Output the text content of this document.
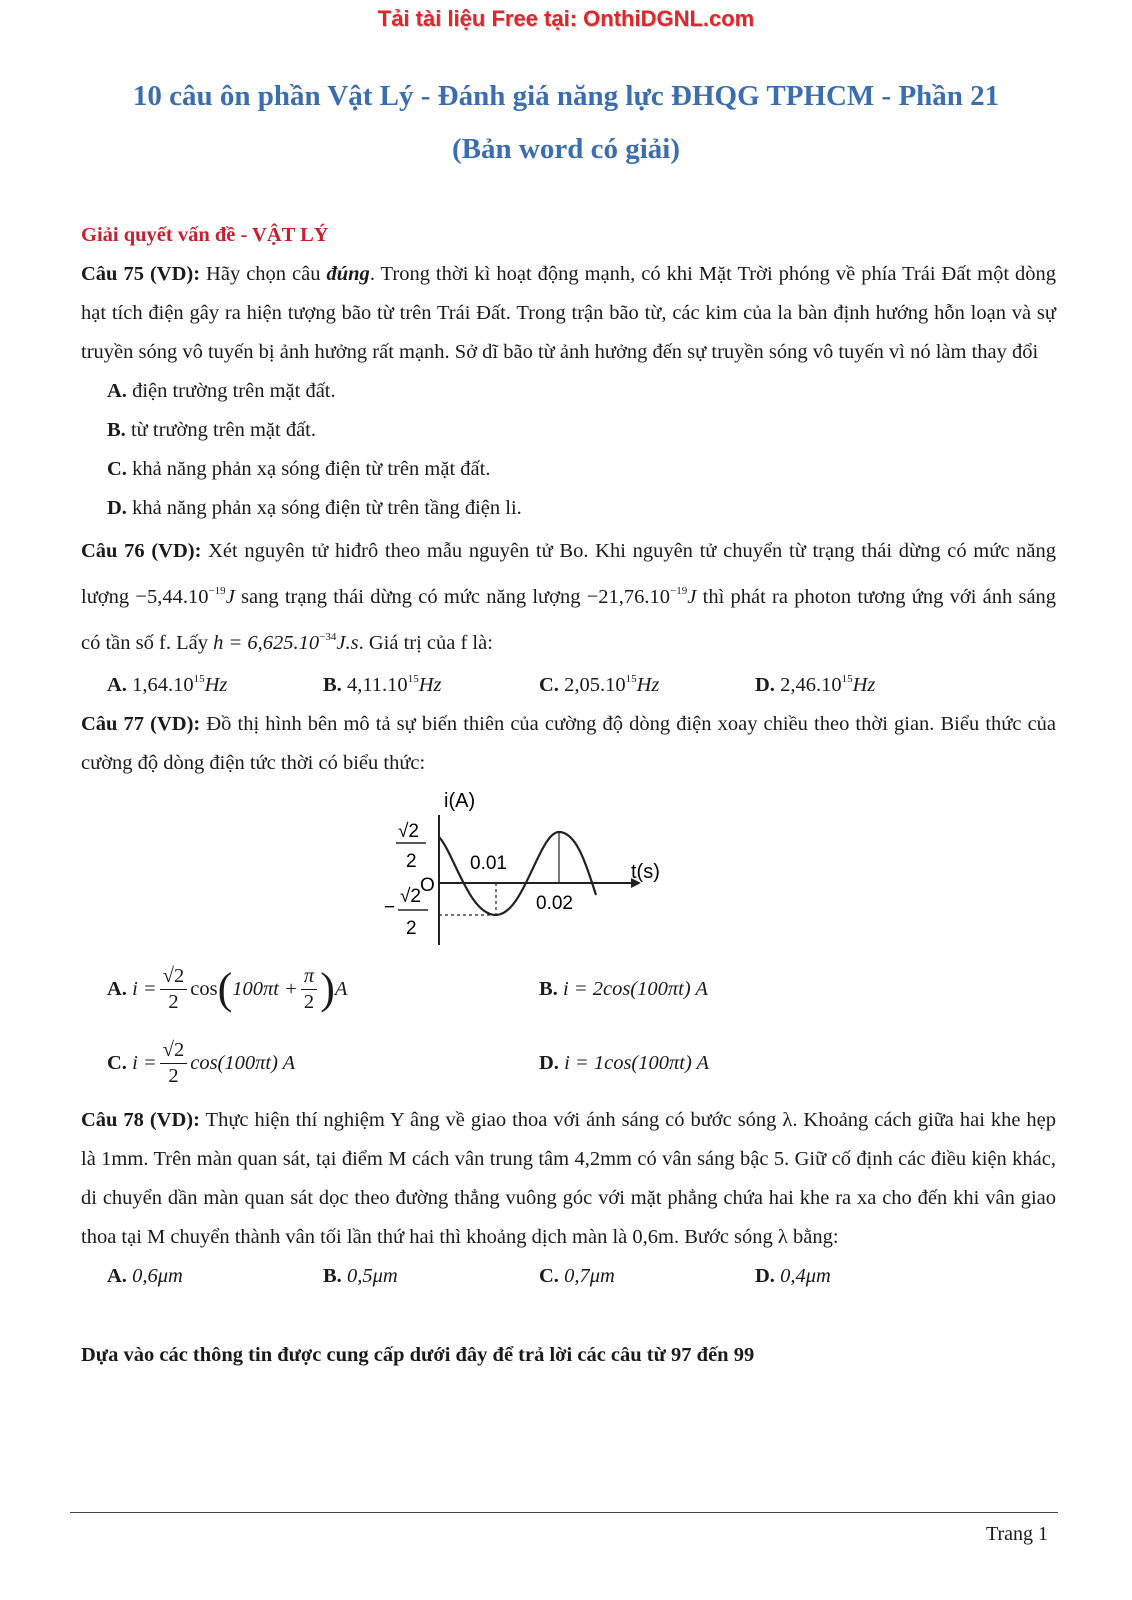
Tải tài liệu Free tại: OnthiDGNL.com
10 câu ôn phần Vật Lý - Đánh giá năng lực ĐHQG TPHCM - Phần 21
(Bản word có giải)

Giải quyết vấn đề - VẬT LÝ

Câu 75 (VD): Hãy chọn câu đúng. Trong thời kì hoạt động mạnh, có khi Mặt Trời phóng về phía Trái Đất một dòng hạt tích điện gây ra hiện tượng bão từ trên Trái Đất. Trong trận bão từ, các kim của la bàn định hướng hỗn loạn và sự truyền sóng vô tuyến bị ảnh hưởng rất mạnh. Sở dĩ bão từ ảnh hưởng đến sự truyền sóng vô tuyến vì nó làm thay đổi

A. điện trường trên mặt đất.

B. từ trường trên mặt đất.

C. khả năng phản xạ sóng điện từ trên mặt đất.

D. khả năng phản xạ sóng điện từ trên tầng điện li.

Câu 76 (VD): Xét nguyên tử hiđrô theo mẫu nguyên tử Bo. Khi nguyên tử chuyển từ trạng thái dừng có mức năng lượng $-5,44.10^{-19}J$ sang trạng thái dừng có mức năng lượng $-21,76.10^{-19}J$ thì phát ra photon tương ứng với ánh sáng có tần số f. Lấy $h = 6,625.10^{-34}J.s$. Giá trị của f là:

A. 1,64.10$^{15}$Hz	B. 4,11.10$^{15}$Hz	C. 2,05.10$^{15}$Hz	D. 2,46.10$^{15}$Hz

Câu 77 (VD): Đồ thị hình bên mô tả sự biến thiên của cường độ dòng điện xoay chiều theo thời gian. Biểu thức của cường độ dòng điện tức thời có biểu thức:

i(A)
t(s)
O
√2
2
−
√2
2
0.01
0.02
A.
$i = \frac{√2}{2}$ cos ( $100\pi t + \frac{\pi}{2}$ ) A	B.
i = 2cos(100πt) A
C.
$i = \frac{√2}{2} \cos(100\pi t)$ A	D.
i = 1cos(100πt) A

Câu 78 (VD): Thực hiện thí nghiệm Y âng về giao thoa với ánh sáng có bước sóng λ. Khoảng cách giữa hai khe hẹp là 1mm. Trên màn quan sát, tại điểm M cách vân trung tâm 4,2mm có vân sáng bậc 5. Giữ cố định các điều kiện khác, di chuyển dần màn quan sát dọc theo đường thẳng vuông góc với mặt phẳng chứa hai khe ra xa cho đến khi vân giao thoa tại M chuyển thành vân tối lần thứ hai thì khoảng dịch màn là 0,6m. Bước sóng λ bằng:

A. 0,6μm	B. 0,5μm	C. 0,7μm	D. 0,4μm

Dựa vào các thông tin được cung cấp dưới đây để trả lời các câu từ 97 đến 99

Trang 1
